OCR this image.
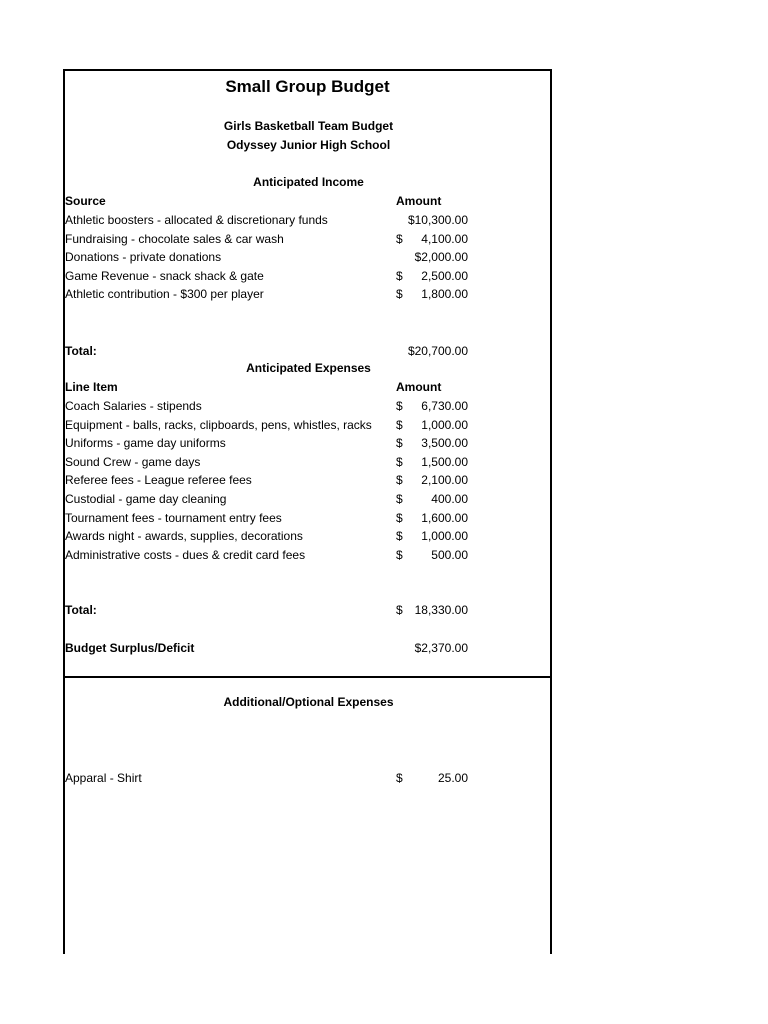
Small Group Budget
Girls Basketball Team Budget
Odyssey Junior High School
Anticipated Income
Source	Amount
Athletic boosters - allocated & discretionary funds	$10,300.00
Fundraising - chocolate sales & car wash	$ 4,100.00
Donations - private donations	$2,000.00
Game Revenue - snack shack & gate	$ 2,500.00
Athletic contribution - $300 per player	$ 1,800.00
Total:	$20,700.00
Anticipated Expenses
Line Item	Amount
Coach Salaries - stipends	$ 6,730.00
Equipment - balls, racks, clipboards, pens, whistles, racks $ 1,000.00
Uniforms - game day uniforms	$ 3,500.00
Sound Crew - game days	$ 1,500.00
Referee fees - League referee fees	$ 2,100.00
Custodial - game day cleaning	$ 400.00
Tournament fees - tournament entry fees	$ 1,600.00
Awards night - awards, supplies, decorations	$ 1,000.00
Administrative costs - dues & credit card fees	$ 500.00
Total:	$ 18,330.00
Budget Surplus/Deficit	$2,370.00
Additional/Optional Expenses
Apparal - Shirt	$	25.00
